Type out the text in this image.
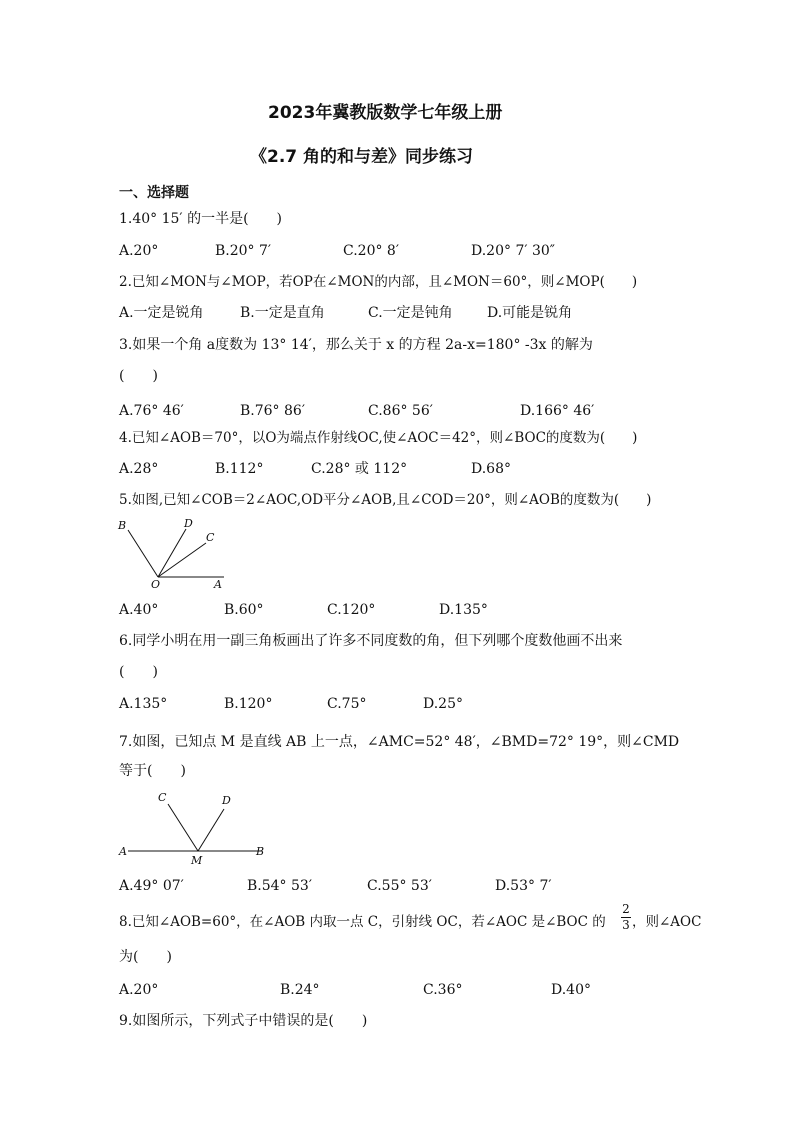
2023年冀教版数学七年级上册
《2.7 角的和与差》同步练习
一、选择题
1.40° 15′ 的一半是(　　)
A.20°	B.20° 7′	C.20° 8′	D.20° 7′ 30″
2.已知∠MON与∠MOP，若OP在∠MON的内部，且∠MON＝60°，则∠MOP(　　)
A.一定是锐角	B.一定是直角	C.一定是钝角 D.可能是锐角
3.如果一个角 a度数为 13° 14′，那么关于 x 的方程 2a-x=180° -3x 的解为
(　　)
A.76° 46′	B.76° 86′	C.86° 56′	D.166° 46′
4.已知∠AOB＝70°，以O为端点作射线OC,使∠AOC＝42°，则∠BOC的度数为(　　)
A.28°	B.112°	C.28° 或 112°	D.68°
5.如图,已知∠COB＝2∠AOC,OD平分∠AOB,且∠COD＝20°，则∠AOB的度数为(　　)
B	D
C
O	A
A.40°	B.60°	C.120°	D.135°
6.同学小明在用一副三角板画出了许多不同度数的角，但下列哪个度数他画不出来
(　　)
A.135°	B.120°	C.75°	D.25°
7.如图，已知点 M 是直线 AB 上一点，∠AMC=52° 48′，∠BMD=72° 19°，则∠CMD
等于(　　)
C	D
A
M
B
A.49° 07′	B.54° 53′	C.55° 53′	D.53° 7′
8.已知∠AOB=60°，在∠AOB 内取一点 C，引射线 OC，若∠AOC 是∠BOC 的
2
3 ，则∠AOC
为(　　)
A.20°	B.24°	C.36°	D.40°
9.如图所示，下列式子中错误的是(　　)
